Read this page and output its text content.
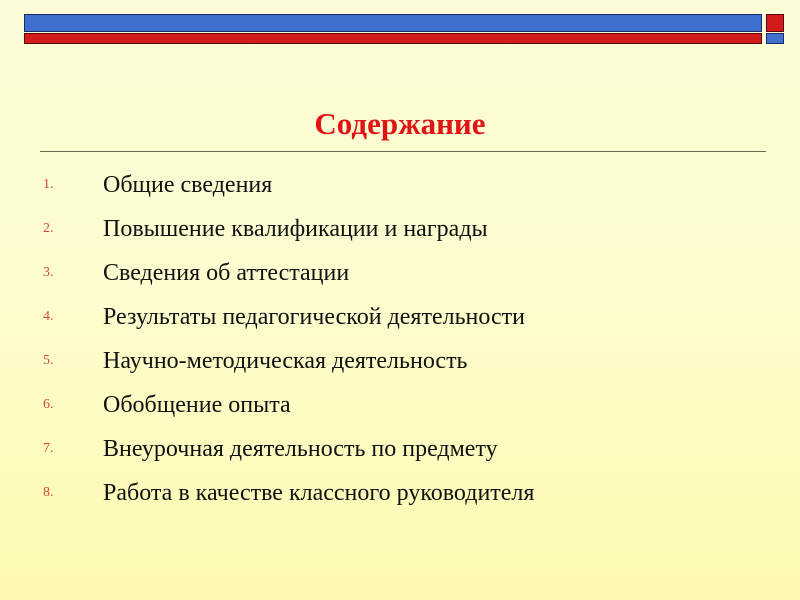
Содержание
1. Общие сведения
2. Повышение квалификации и награды
3. Сведения об аттестации
4. Результаты педагогической деятельности
5. Научно-методическая деятельность
6. Обобщение опыта
7. Внеурочная деятельность по предмету
8. Работа в качестве классного руководителя
